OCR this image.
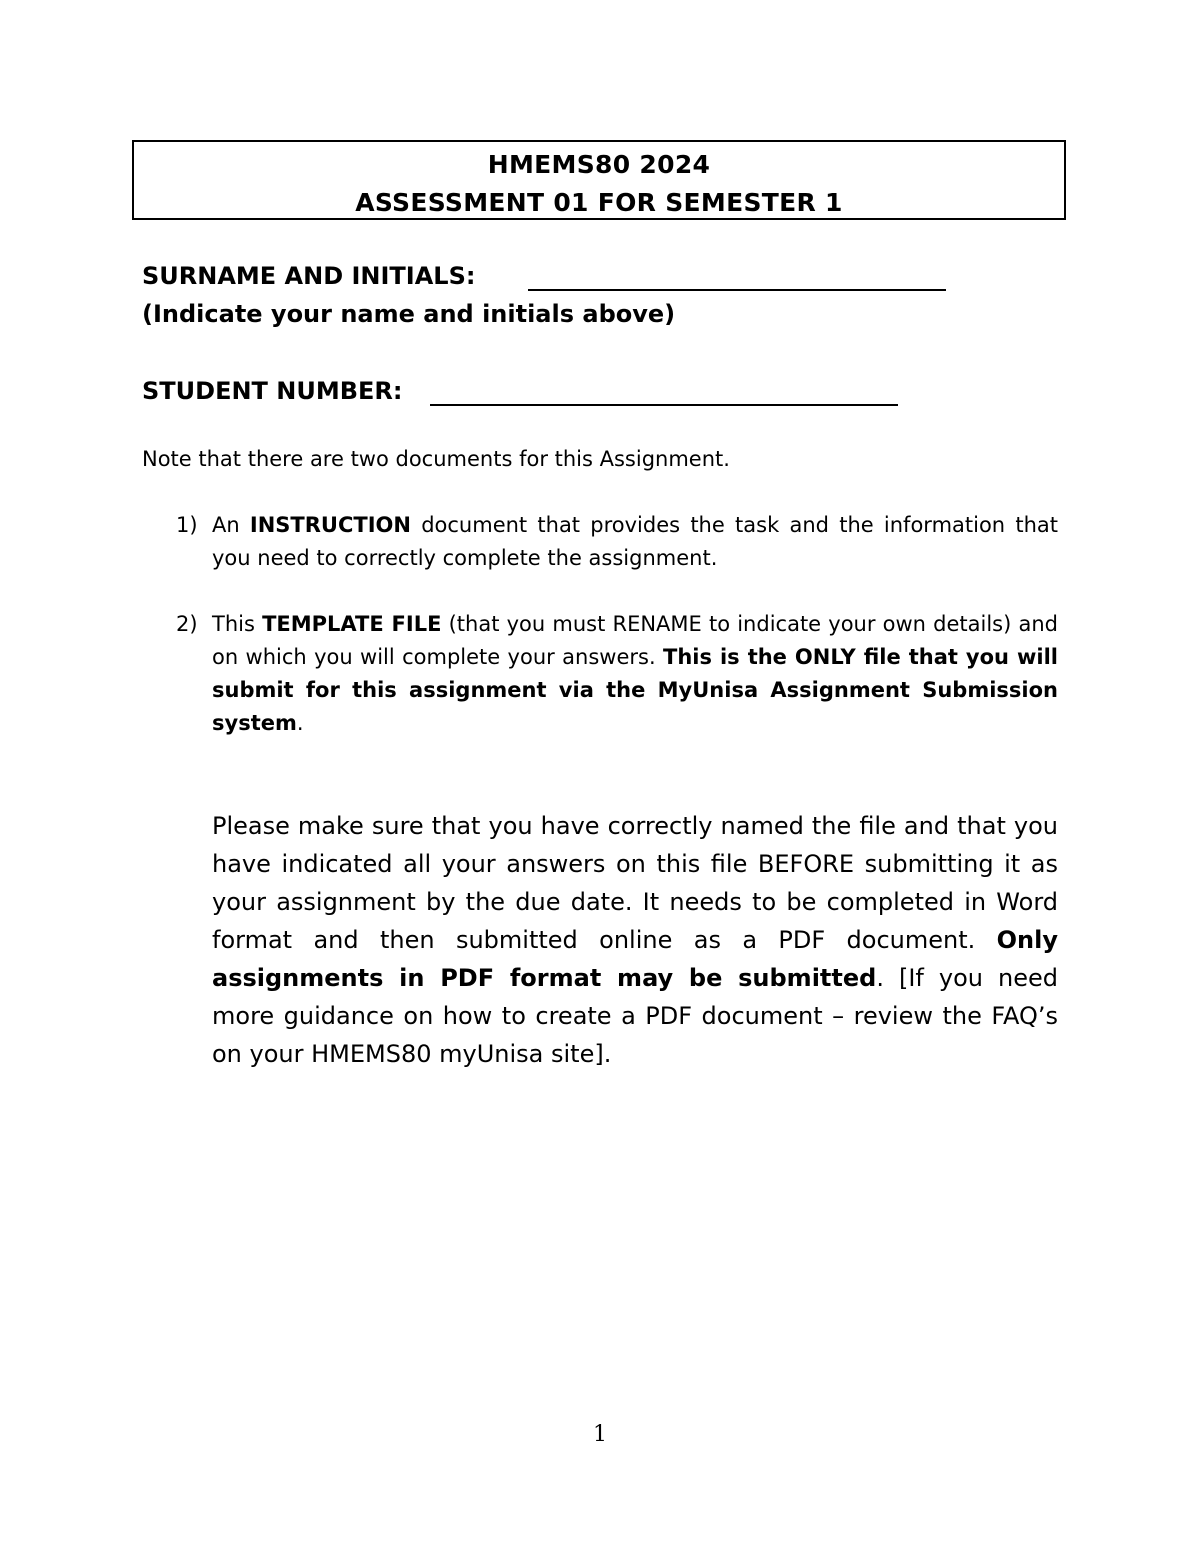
HMEMS80 2024
ASSESSMENT 01 FOR SEMESTER 1
SURNAME AND INITIALS:
(Indicate your name and initials above)
STUDENT NUMBER:
Note that there are two documents for this Assignment.
1) An INSTRUCTION document that provides the task and the information that you need to correctly complete the assignment.
2) This TEMPLATE FILE (that you must RENAME to indicate your own details) and on which you will complete your answers. This is the ONLY file that you will submit for this assignment via the MyUnisa Assignment Submission system.
Please make sure that you have correctly named the file and that you have indicated all your answers on this file BEFORE submitting it as your assignment by the due date. It needs to be completed in Word format and then submitted online as a PDF document. Only assignments in PDF format may be submitted. [If you need more guidance on how to create a PDF document – review the FAQ’s on your HMEMS80 myUnisa site].
1
